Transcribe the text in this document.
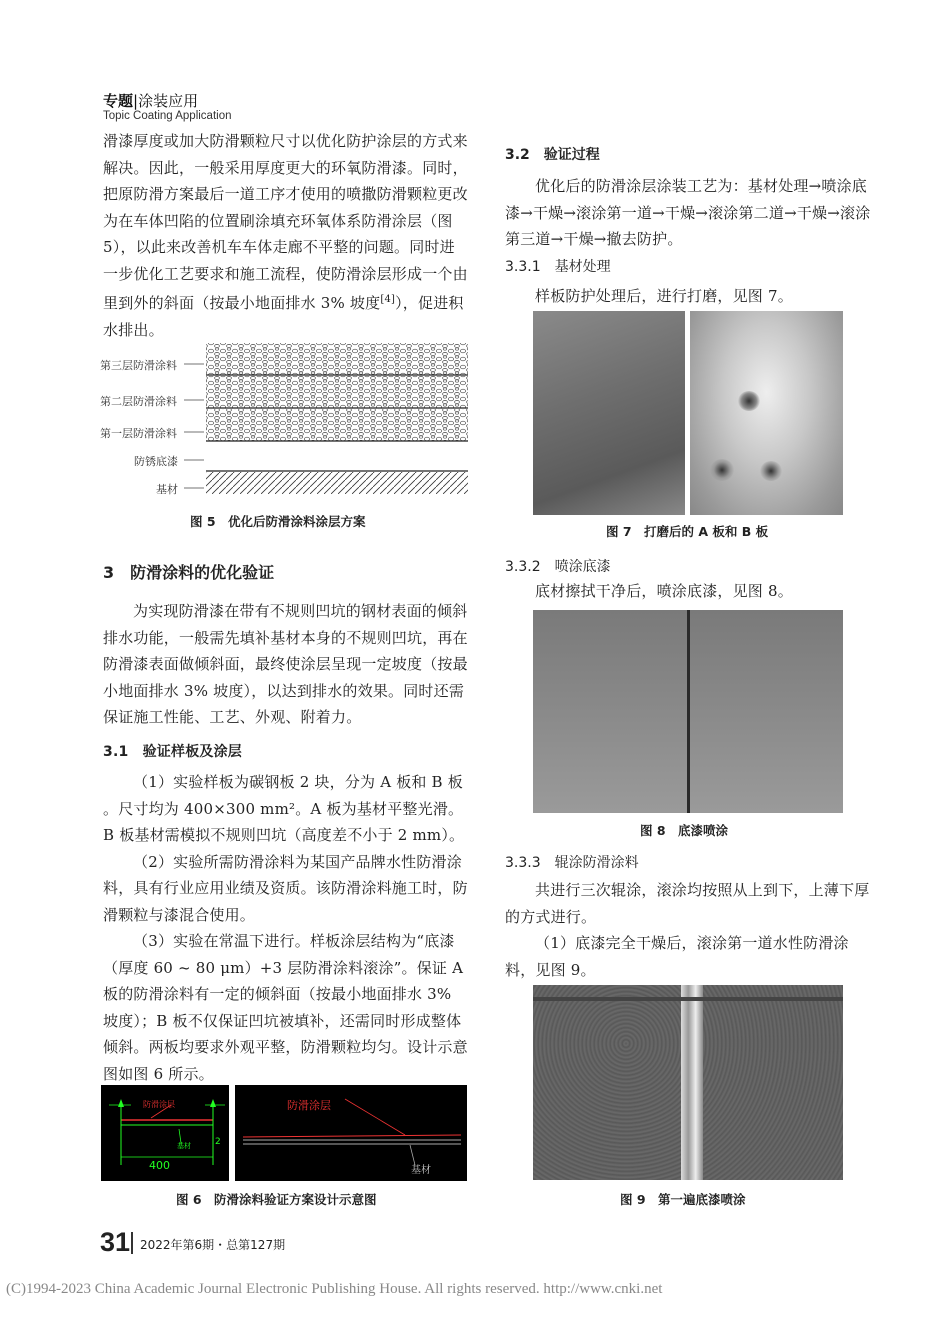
专题|涂装应用
Topic Coating Application

滑漆厚度或加大防滑颗粒尺寸以优化防护涂层的方式来解决。因此，一般采用厚度更大的环氧防滑漆。同时，把原防滑方案最后一道工序才使用的喷撒防滑颗粒更改为在车体凹陷的位置刷涂填充环氧体系防滑涂层（图 5），以此来改善机车车体走廊不平整的问题。同时进一步优化工艺要求和施工流程，使防滑涂层形成一个由里到外的斜面（按最小地面排水 3% 坡度[4]），促进积水排出。

第三层防滑涂料
第二层防滑涂料
第一层防滑涂料
防锈底漆
基材
图 5　优化后防滑涂料涂层方案
3　防滑涂料的优化验证

为实现防滑漆在带有不规则凹坑的钢材表面的倾斜排水功能，一般需先填补基材本身的不规则凹坑，再在防滑漆表面做倾斜面，最终使涂层呈现一定坡度（按最小地面排水 3% 坡度），以达到排水的效果。同时还需保证施工性能、工艺、外观、附着力。

3.1　验证样板及涂层

（1）实验样板为碳钢板 2 块，分为 A 板和 B 板 。尺寸均为 400×300 mm²。A 板为基材平整光滑。B 板基材需模拟不规则凹坑（高度差不小于 2 mm）。

（2）实验所需防滑涂料为某国产品牌水性防滑涂料，具有行业应用业绩及资质。该防滑涂料施工时，防滑颗粒与漆混合使用。

（3）实验在常温下进行。样板涂层结构为“底漆（厚度 60 ~ 80 μm）+3 层防滑涂料滚涂”。保证 A 板的防滑涂料有一定的倾斜面（按最小地面排水 3% 坡度）；B 板不仅保证凹坑被填补，还需同时形成整体倾斜。两板均要求外观平整，防滑颗粒均匀。设计示意图如图 6 所示。

防滑涂层
400
2
基材
防滑涂层
基材
图 6　防滑涂料验证方案设计示意图
3.2　验证过程

优化后的防滑涂层涂装工艺为：基材处理→喷涂底漆→干燥→滚涂第一道→干燥→滚涂第二道→干燥→滚涂第三道→干燥→撤去防护。

3.3.1　基材处理

样板防护处理后，进行打磨，见图 7。

图 7　打磨后的 A 板和 B 板
3.3.2　喷涂底漆

底材擦拭干净后，喷涂底漆，见图 8。

图 8　底漆喷涂
3.3.3　辊涂防滑涂料

共进行三次辊涂，滚涂均按照从上到下，上薄下厚的方式进行。

（1）底漆完全干燥后，滚涂第一道水性防滑涂料，见图 9。

图 9　第一遍底漆喷涂
31 2022年第6期・总第127期
(C)1994-2023 China Academic Journal Electronic Publishing House. All rights reserved. http://www.cnki.net
